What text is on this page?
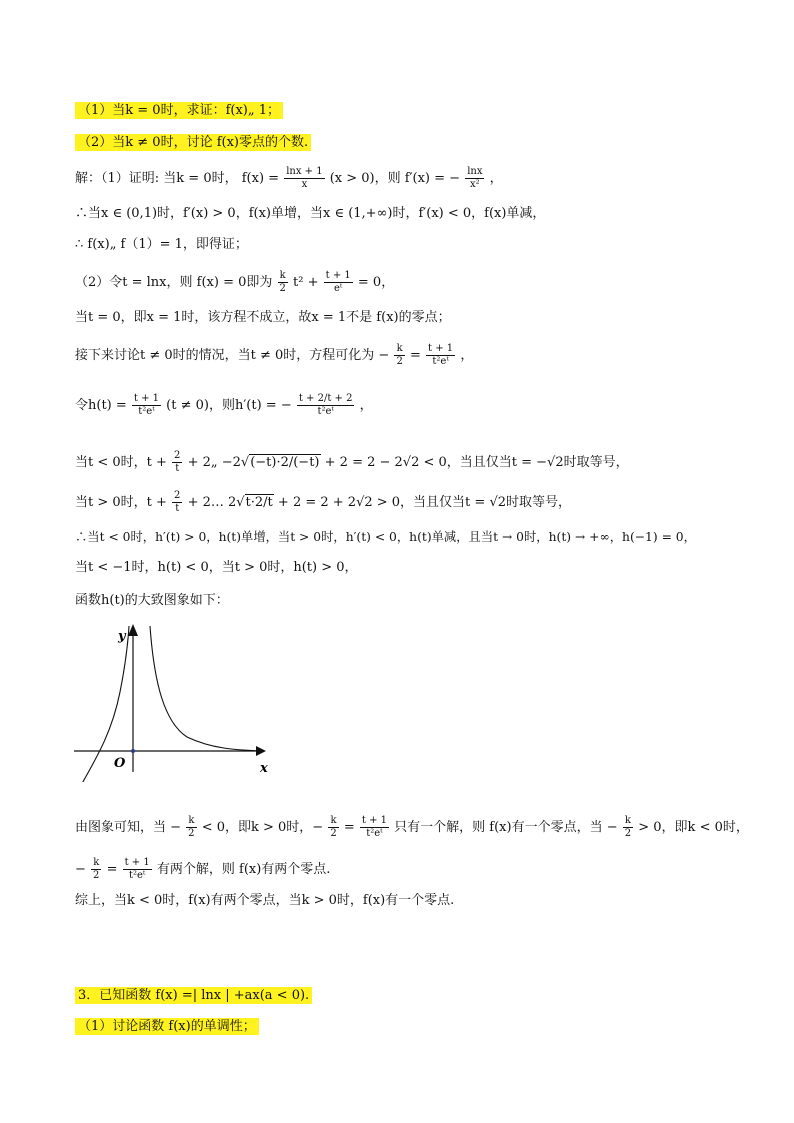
（1）当k = 0时，求证：f(x)„ 1；
（2）当k ≠ 0时，讨论 f(x)零点的个数.
解：（1）证明: 当k = 0时， $f(x) = \frac{\ln x + 1}{x} (x > 0)$，则 f′(x) = − $\frac{\ln x}{\text{x²}}$ ，
∴当x ∈ (0,1)时，f′(x) > 0，f(x)单增，当x ∈ (1,+∞)时，f′(x) < 0，f(x)单减，
∴ f(x)„ f（1）= 1，即得证；
（2）令t = lnx，则 f(x) = 0即为 $\frac{k}{2} t^2 + \frac{t + 1}{\text{eᵗ}} = 0$，
当t = 0，即x = 1时，该方程不成立，故x = 1不是 f(x)的零点；
接下来讨论t ≠ 0时的情况，当t ≠ 0时，方程可化为 − $\frac{k}{2} = \frac{t + 1}{\text{t²eᵗ}}$ ，
令$h(t) = \frac{t + 1}{\text{t²eᵗ}} (t \ne 0)$，则h′(t) = − $\frac{t + 2/t + 2}{\text{t²eᵗ}}$ ，
当t < 0时，$t + \frac{2}{t}$ + 2„ −2√(−t)·2/(−t) + 2 = 2 − 2√2 < 0，当且仅当t = −√2时取等号，
当t > 0时，$t + \frac{2}{t}$ + 2… 2√t·2/t + 2 = 2 + 2√2 > 0，当且仅当t = √2时取等号，
∴当t < 0时，h′(t) > 0，h(t)单增，当t > 0时，h′(t) < 0，h(t)单减，且当t → 0时，h(t) → +∞，h(−1) = 0，
当t < −1时，h(t) < 0，当t > 0时，h(t) > 0，
函数h(t)的大致图象如下：
y
x
O
由图象可知，当 − $\frac{k}{2} < 0$，即k > 0时，− $\frac{k}{2} = \frac{t + 1}{\text{t²eᵗ}}$ 只有一个解，则 f(x)有一个零点，当 − $\frac{k}{2} > 0$，即k < 0时，
− $\frac{k}{2} = \frac{t + 1}{\text{t²eᵗ}}$ 有两个解，则 f(x)有两个零点.
综上，当k < 0时，f(x)有两个零点，当k > 0时，f(x)有一个零点.
3．已知函数 f(x) =| lnx | +ax(a < 0).
（1）讨论函数 f(x)的单调性；
